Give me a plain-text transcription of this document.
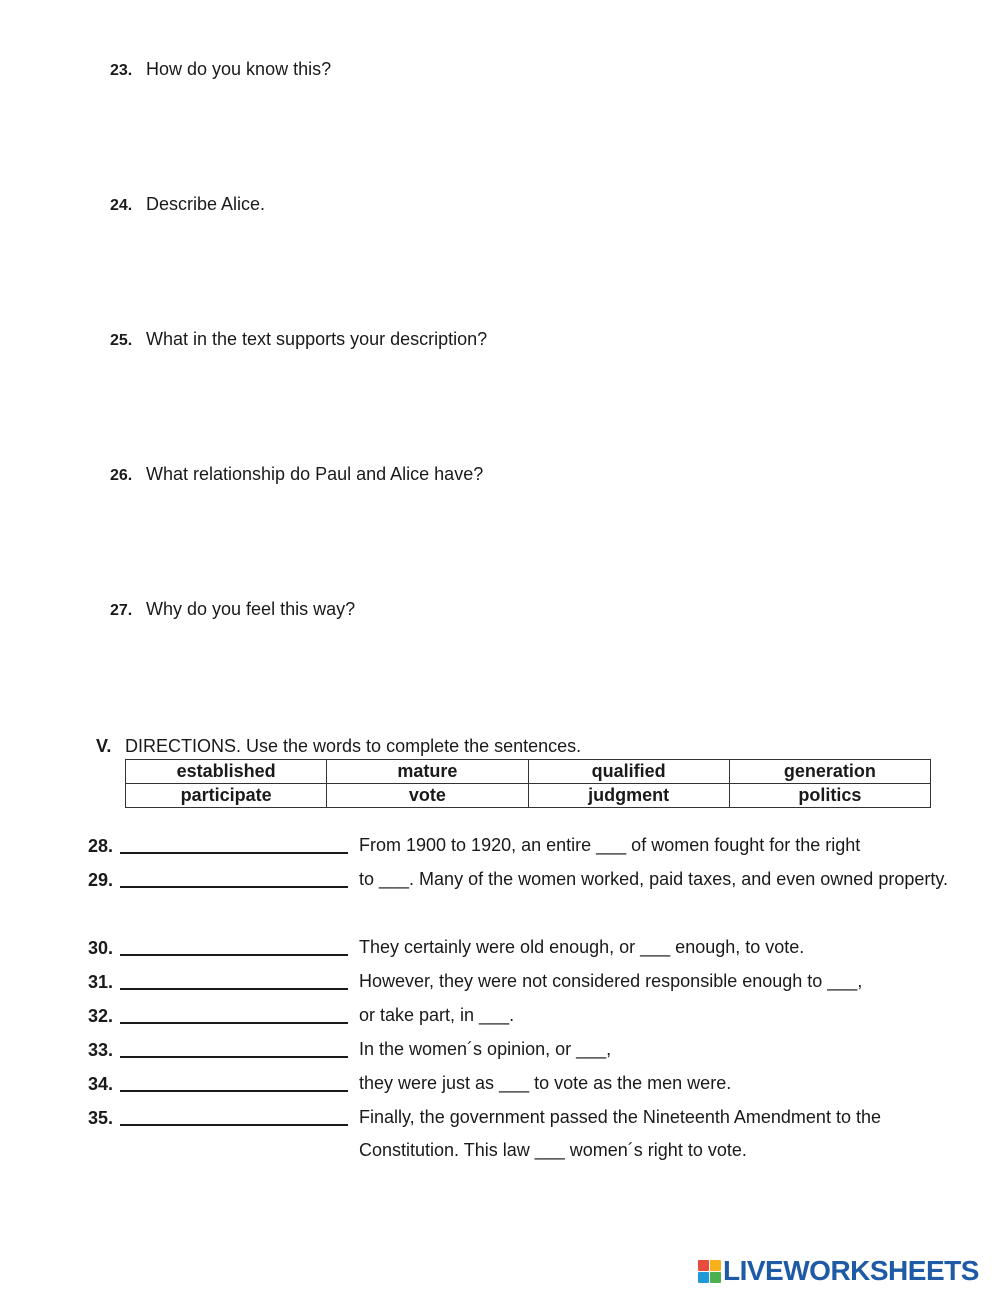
23. How do you know this?
24. Describe Alice.
25. What in the text supports your description?
26. What relationship do Paul and Alice have?
27. Why do you feel this way?
V. DIRECTIONS. Use the words to complete the sentences.
established	mature	qualified	generation
participate	vote	judgment	politics
28.	From 1900 to 1920, an entire ___ of women fought for the right
29.	to ___. Many of the women worked, paid taxes, and even owned property.
30.	They certainly were old enough, or ___ enough, to vote.
31.	However, they were not considered responsible enough to ___,
32.	or take part, in ___.
33.	In the women´s opinion, or ___,
34.	they were just as ___ to vote as the men were.
35.	Finally, the government passed the Nineteenth Amendment to the Constitution. This law ___ women´s right to vote.
LIVEWORKSHEETS
